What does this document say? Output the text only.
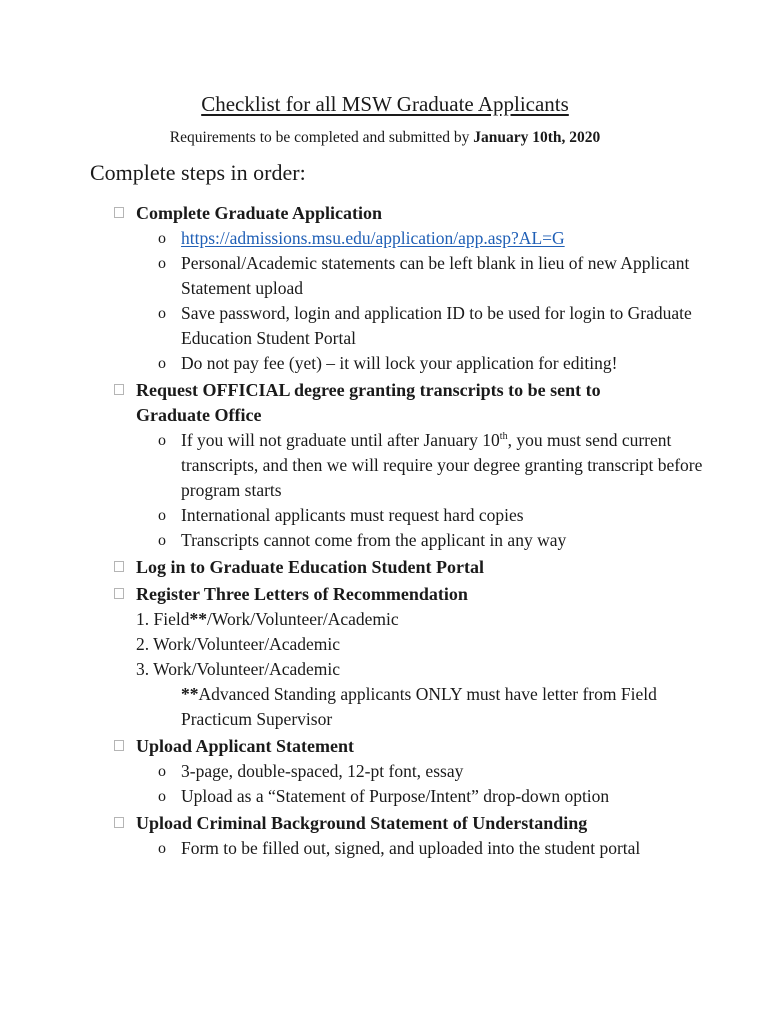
Checklist for all MSW Graduate Applicants
Requirements to be completed and submitted by January 10th, 2020
Complete steps in order:
Complete Graduate Application
o https://admissions.msu.edu/application/app.asp?AL=G
o Personal/Academic statements can be left blank in lieu of new Applicant Statement upload
o Save password, login and application ID to be used for login to Graduate Education Student Portal
o Do not pay fee (yet) – it will lock your application for editing!
Request OFFICIAL degree granting transcripts to be sent to
Graduate Office
o If you will not graduate until after January 10th, you must send current transcripts, and then we will require your degree granting transcript before program starts
o International applicants must request hard copies
o Transcripts cannot come from the applicant in any way
Log in to Graduate Education Student Portal
Register Three Letters of Recommendation
1. Field**/Work/Volunteer/Academic
2. Work/Volunteer/Academic
3. Work/Volunteer/Academic
**Advanced Standing applicants ONLY must have letter from Field Practicum Supervisor
Upload Applicant Statement
o 3-page, double-spaced, 12-pt font, essay
o Upload as a “Statement of Purpose/Intent” drop-down option
Upload Criminal Background Statement of Understanding
o Form to be filled out, signed, and uploaded into the student portal
